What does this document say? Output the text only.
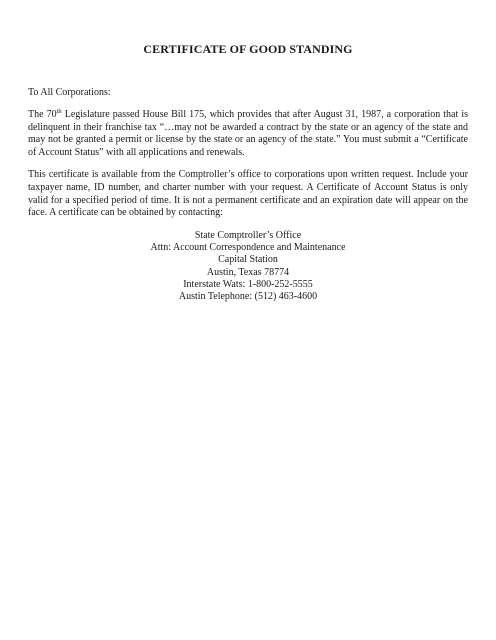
CERTIFICATE OF GOOD STANDING
To All Corporations:

The 70th Legislature passed House Bill 175, which provides that after August 31, 1987, a corporation that is delinquent in their franchise tax “…may not be awarded a contract by the state or an agency of the state and may not be granted a permit or license by the state or an agency of the state.” You must submit a “Certificate of Account Status” with all applications and renewals.

This certificate is available from the Comptroller’s office to corporations upon written request. Include your taxpayer name, ID number, and charter number with your request. A Certificate of Account Status is only valid for a specified period of time. It is not a permanent certificate and an expiration date will appear on the face. A certificate can be obtained by contacting:

State Comptroller’s Office
Attn: Account Correspondence and Maintenance
Capital Station
Austin, Texas 78774
Interstate Wats: 1-800-252-5555
Austin Telephone: (512) 463-4600
